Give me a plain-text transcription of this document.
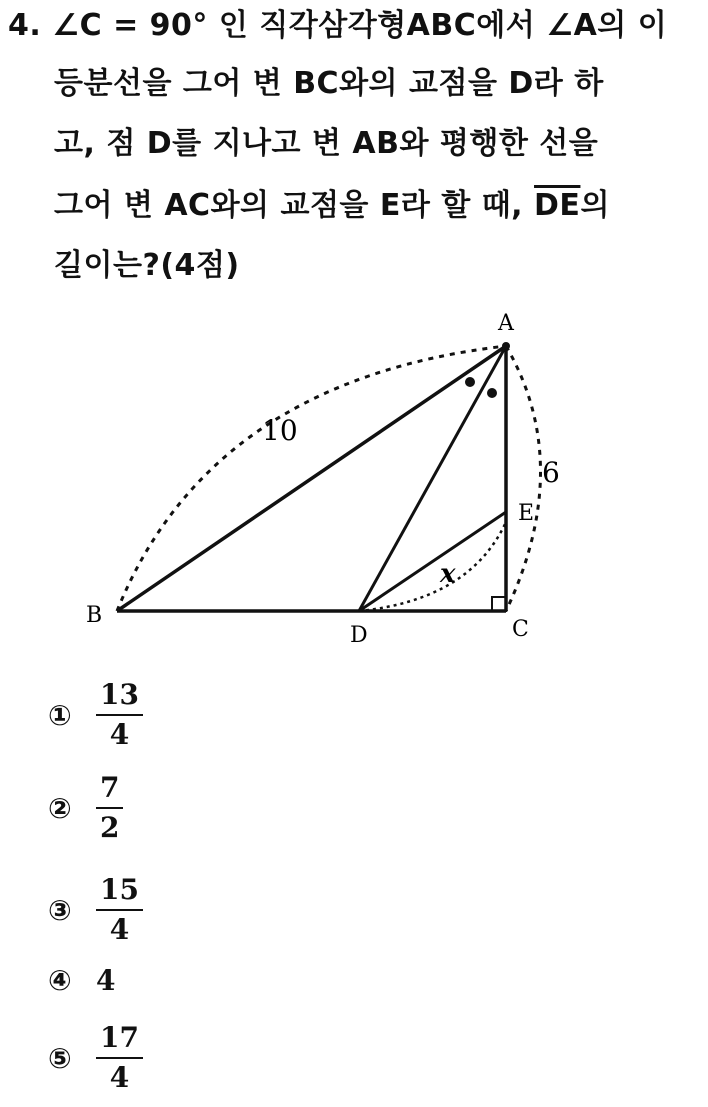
4. ∠C = 90° 인 직각삼각형ABC에서 ∠A의 이
등분선을 그어 변 BC와의 교점을 D라 하
고, 점 D를 지나고 변 AB와 평행한 선을
그어 변 AC와의 교점을 E라 할 때, $\overline{DE}$의
길이는?(4점)
A
B
C
D
E
10
6
x
① $\frac{13}{4}$
② $\frac{7}{2}$
③ $\frac{15}{4}$
④ 4
⑤ $\frac{17}{4}$
